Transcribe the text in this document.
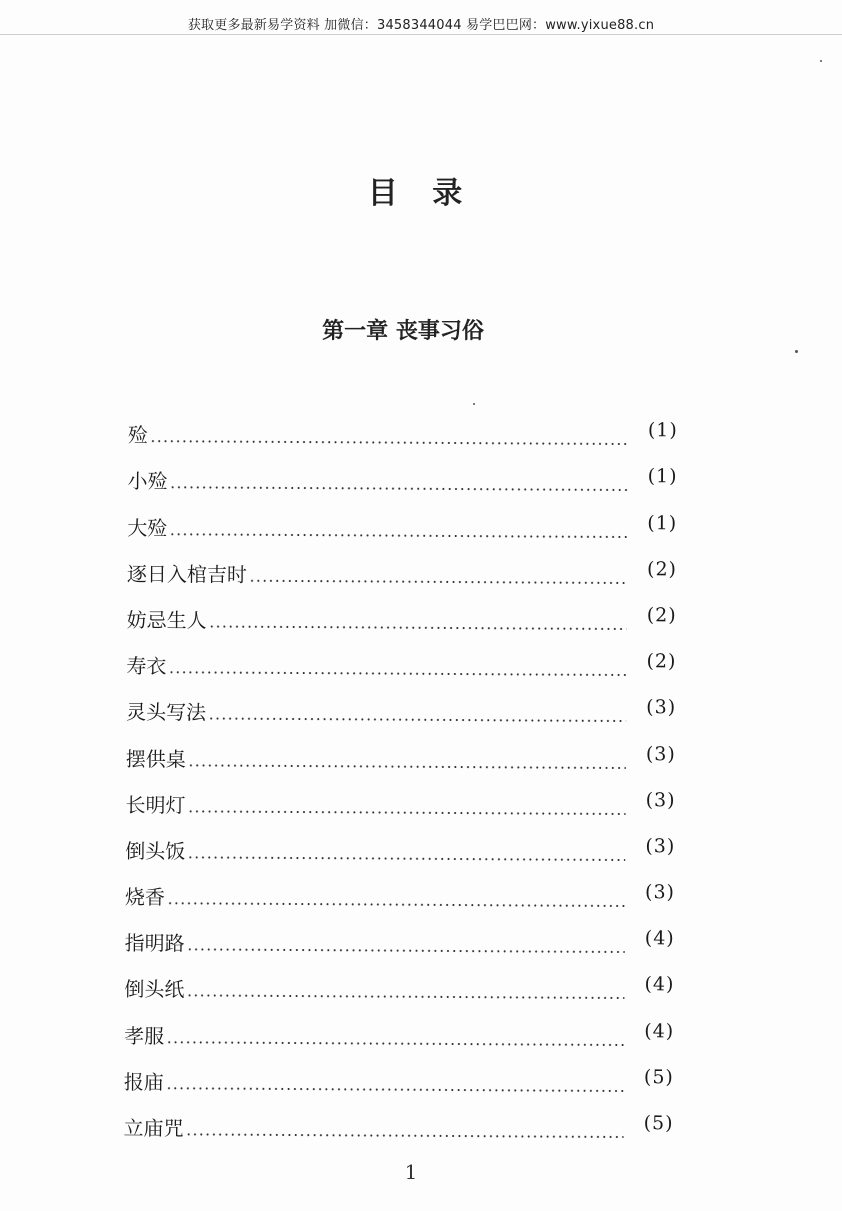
获取更多最新易学资料 加微信：3458344044 易学巴巴网：www.yixue88.cn
目 录
第一章 丧事习俗
殓	(1)
小殓	(1)
大殓	(1)
逐日入棺吉时	(2)
妨忌生人	(2)
寿衣	(2)
灵头写法	(3)
摆供桌	(3)
长明灯	(3)
倒头饭	(3)
烧香	(3)
指明路	(4)
倒头纸	(4)
孝服	(4)
报庙	(5)
立庙咒	(5)
1
